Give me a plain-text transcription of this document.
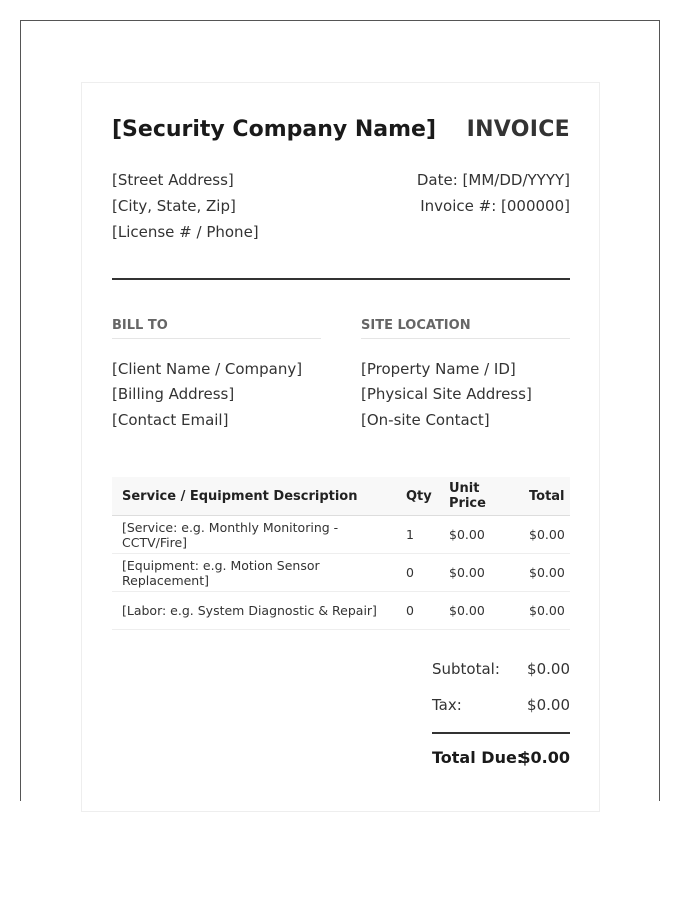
[Security Company Name] INVOICE
[Street Address]
[City, State, Zip]
[License # / Phone]
Date: [MM/DD/YYYY]
Invoice #: [000000]
BILL TO
[Client Name / Company]
[Billing Address]
[Contact Email]
SITE LOCATION
[Property Name / ID]
[Physical Site Address]
[On-site Contact]
Service / Equipment Description	Qty	Unit Price	Total
[Service: e.g. Monthly Monitoring - CCTV/Fire]	1	$0.00	$0.00
[Equipment: e.g. Motion Sensor Replacement]	0	$0.00	$0.00
[Labor: e.g. System Diagnostic & Repair]	0	$0.00	$0.00
Subtotal: $0.00
Tax:	$0.00
Total Due:
$0.00
